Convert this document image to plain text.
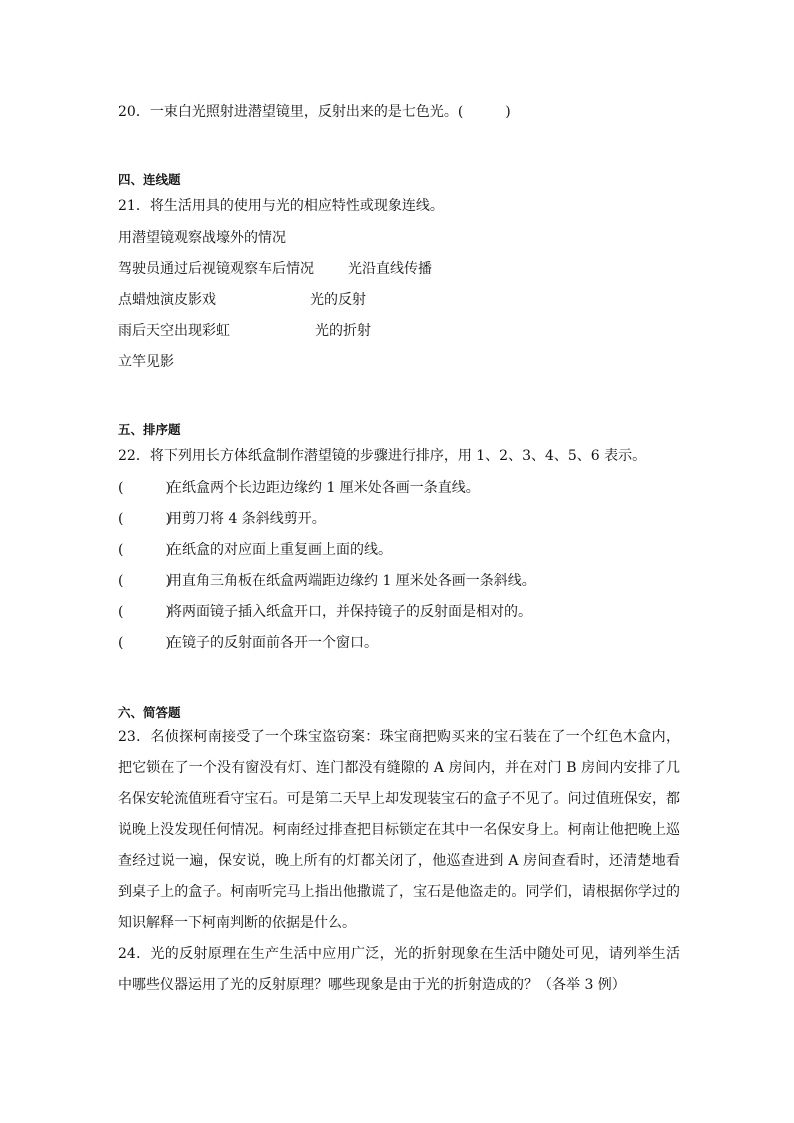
20．一束白光照射进潜望镜里，反射出来的是七色光。(　　　)
四、连线题
21．将生活用具的使用与光的相应特性或现象连线。
用潜望镜观察战壕外的情况
驾驶员通过后视镜观察车后情况 光沿直线传播
点蜡烛演皮影戏	光的反射
雨后天空出现彩虹	光的折射
立竿见影
五、排序题
22．将下列用长方体纸盒制作潜望镜的步骤进行排序，用 1、2、3、4、5、6 表示。
(　　　)在纸盒两个长边距边缘约 1 厘米处各画一条直线。
(　　　)用剪刀将 4 条斜线剪开。
(　　　)在纸盒的对应面上重复画上面的线。
(　　　)用直角三角板在纸盒两端距边缘约 1 厘米处各画一条斜线。
(　　　)将两面镜子插入纸盒开口，并保持镜子的反射面是相对的。
(　　　)在镜子的反射面前各开一个窗口。
六、简答题
23．名侦探柯南接受了一个珠宝盗窃案：珠宝商把购买来的宝石装在了一个红色木盒内，把它锁在了一个没有窗没有灯、连门都没有缝隙的 A 房间内，并在对门 B 房间内安排了几名保安轮流值班看守宝石。可是第二天早上却发现装宝石的盒子不见了。问过值班保安，都说晚上没发现任何情况。柯南经过排查把目标锁定在其中一名保安身上。柯南让他把晚上巡查经过说一遍，保安说，晚上所有的灯都关闭了，他巡查进到 A 房间查看时，还清楚地看到桌子上的盒子。柯南听完马上指出他撒谎了，宝石是他盗走的。同学们，请根据你学过的知识解释一下柯南判断的依据是什么。
24．光的反射原理在生产生活中应用广泛，光的折射现象在生活中随处可见，请列举生活中哪些仪器运用了光的反射原理？哪些现象是由于光的折射造成的？（各举 3 例）
